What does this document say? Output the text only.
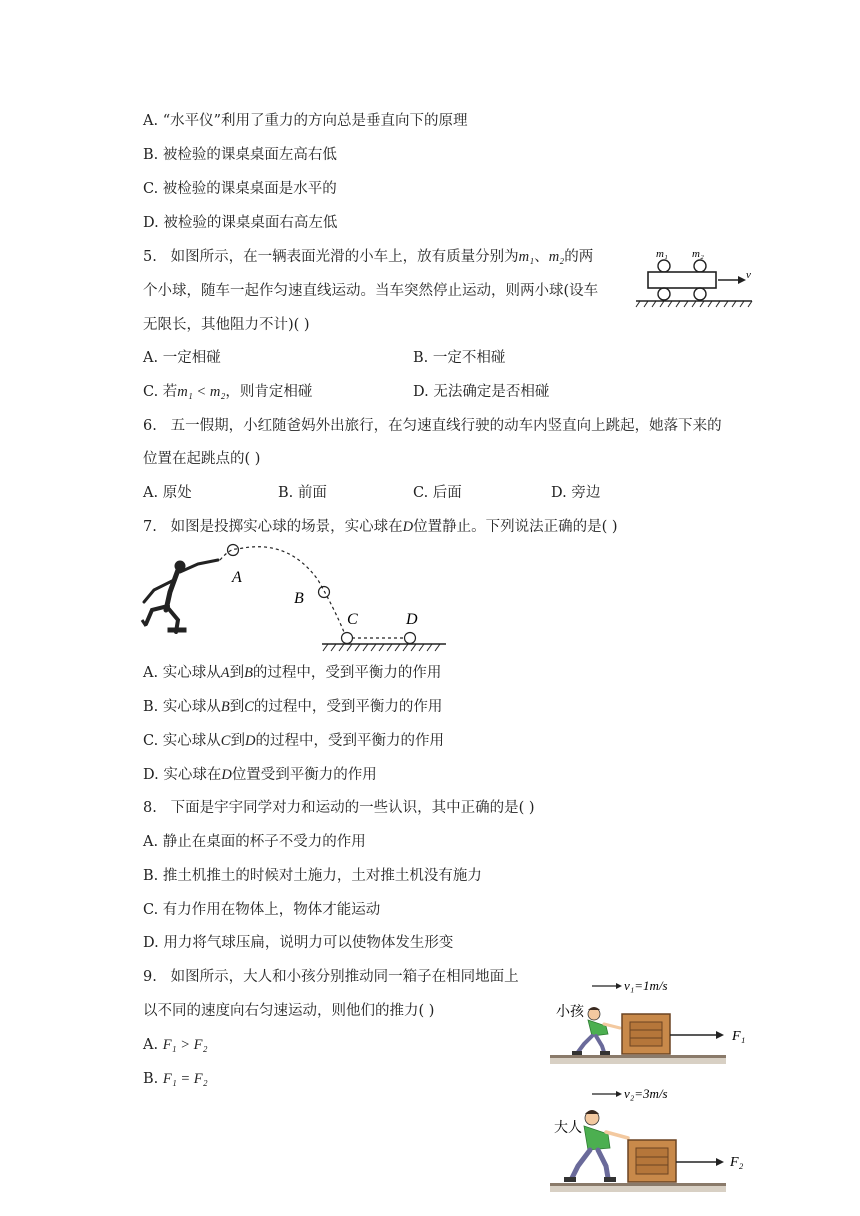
A. “水平仪”利用了重力的方向总是垂直向下的原理
B. 被检验的课桌桌面左高右低
C. 被检验的课桌桌面是水平的
D. 被检验的课桌桌面右高左低
5. 如图所示，在一辆表面光滑的小车上，放有质量分别为m₁、m₂的两
个小球，随车一起作匀速直线运动。当车突然停止运动，则两小球(设车
无限长，其他阻力不计)( )
A. 一定相碰	B. 一定不相碰
C. 若m₁ < m₂，则肯定相碰	D. 无法确定是否相碰
m₁ m₂
v
6. 五一假期，小红随爸妈外出旅行，在匀速直线行驶的动车内竖直向上跳起，她落下来的
位置在起跳点的( )
A. 原处	B. 前面	C. 后面	D. 旁边
7. 如图是投掷实心球的场景，实心球在D位置静止。下列说法正确的是( )
A
B
C	D
A. 实心球从A到B的过程中，受到平衡力的作用
B. 实心球从B到C的过程中，受到平衡力的作用
C. 实心球从C到D的过程中，受到平衡力的作用
D. 实心球在D位置受到平衡力的作用
8. 下面是宇宇同学对力和运动的一些认识，其中正确的是( )
A. 静止在桌面的杯子不受力的作用
B. 推土机推土的时候对土施力，土对推土机没有施力
C. 有力作用在物体上，物体才能运动
D. 用力将气球压扁，说明力可以使物体发生形变
9. 如图所示，大人和小孩分别推动同一箱子在相同地面上
以不同的速度向右匀速运动，则他们的推力( )
A. F₁ > F₂
B. F₁ = F₂
v₁=1m/s
小孩
F₁
v₂=3m/s
大人
F₂
